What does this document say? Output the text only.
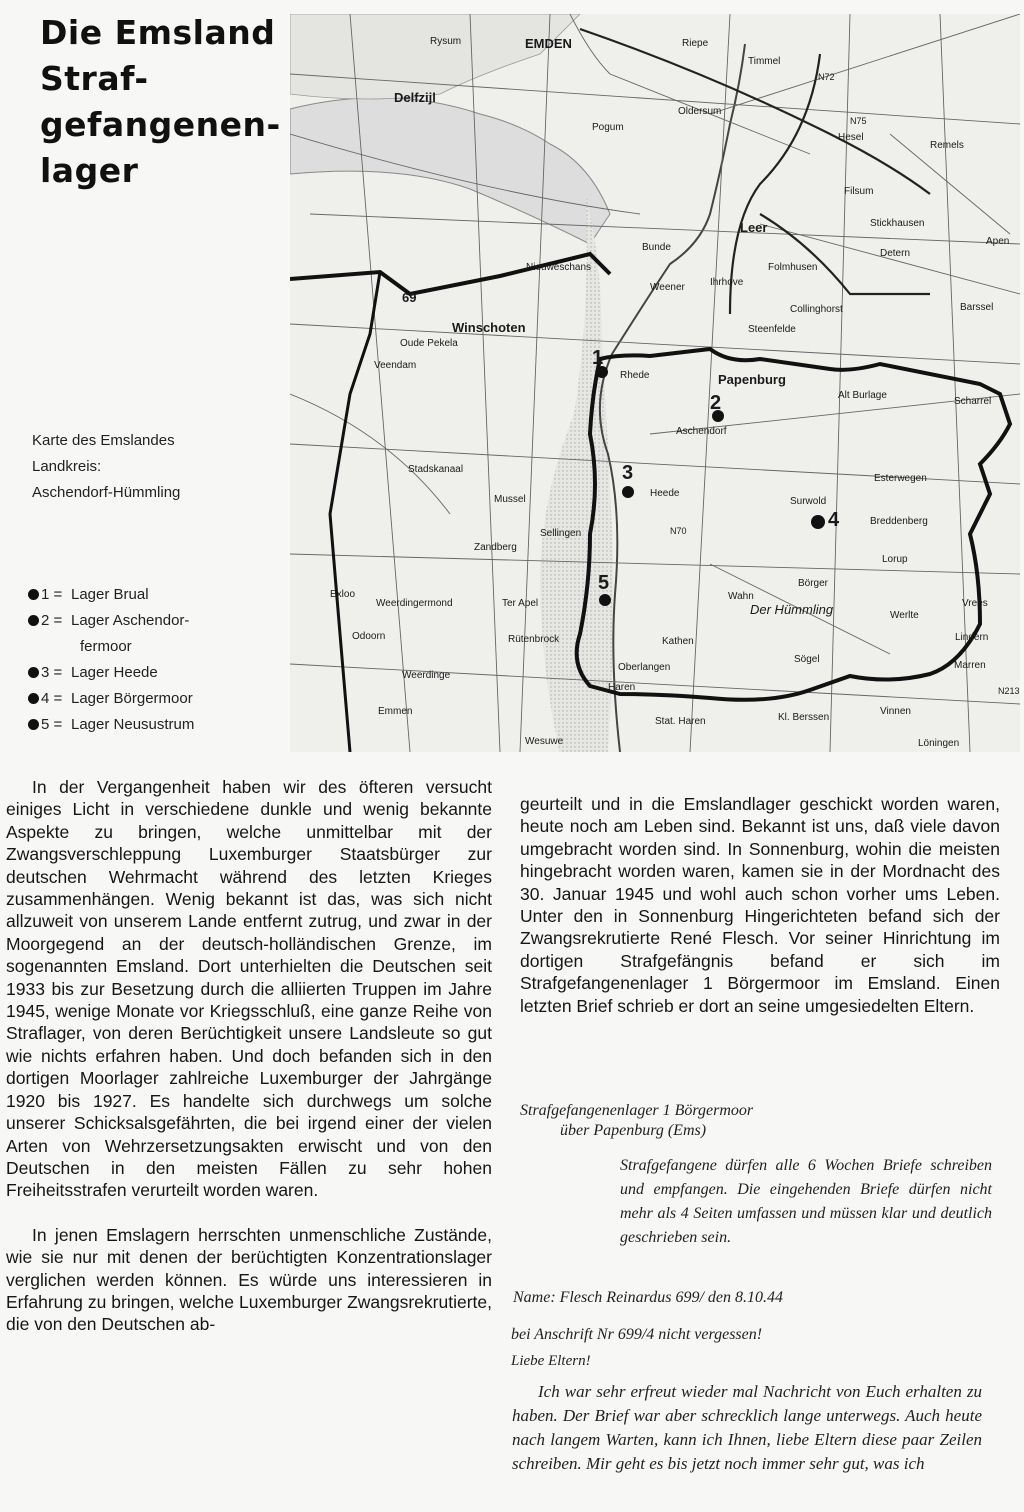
Die Emsland
Straf-
gefangenen-
lager
Karte des Emslandes
Landkreis:
Aschendorf-Hümmling
1 = Lager Brual
2 = Lager Aschendor-
fermoor
3 = Lager Heede
4 = Lager Börgermoor
5 = Lager Neusustrum
1
2
3
4
5
EMDEN
Leer
Papenburg
Delfzijl
Winschoten
Emmen
Ter Apel
Aschendorf
Heede
Surwold
Esterwegen
Sögel
Lorup
Werlte
Vrees
Lindern
Rhede
Bunde
Weener	Ihrhove
Rysum
Pogum
Oldersum
Riepe
Timmel
Hesel
Remels
Filsum
Detern
Stickhausen
Apen
Folmhusen
Collinghorst	Barssel
Steenfelde
Alt Burlage
Scharrel
Breddenberg
Börger
Wahn
Kathen
Oberlangen
Haren
Stat. Haren
Wesuwe
Kl. Berssen
Vinnen
Marren
Löningen
Nieuweschans
Oude Pekela
Veendam
Stadskanaal
Mussel
Sellingen
Zandberg
Exloo
Odoorn
Weerdinge
Weerdingermond
Rütenbrock
N72
N75
N70
N213
69
Der Hümmling

In der Vergangenheit haben wir des öfteren versucht einiges Licht in verschiedene dunkle und wenig bekannte Aspekte zu bringen, welche unmittelbar mit der Zwangsverschleppung Luxemburger Staatsbürger zur deutschen Wehrmacht während des letzten Krieges zusammenhängen. Wenig bekannt ist das, was sich nicht allzuweit von unserem Lande entfernt zutrug, und zwar in der Moorgegend an der deutsch-holländischen Grenze, im sogenannten Emsland. Dort unterhielten die Deutschen seit 1933 bis zur Besetzung durch die alliierten Truppen im Jahre 1945, wenige Monate vor Kriegsschluß, eine ganze Reihe von Straflager, von deren Berüchtigkeit unsere Landsleute so gut wie nichts erfahren haben. Und doch befanden sich in den dortigen Moorlager zahlreiche Luxemburger der Jahrgänge 1920 bis 1927. Es handelte sich durchwegs um solche unserer Schicksalsgefährten, die bei irgend einer der vielen Arten von Wehrzersetzungsakten erwischt und von den Deutschen in den meisten Fällen zu sehr hohen Freiheitsstrafen verurteilt worden waren.

In jenen Emslagern herrschten unmenschliche Zustände, wie sie nur mit denen der berüchtigten Konzentrationslager verglichen werden können. Es würde uns interessieren in Erfahrung zu bringen, welche Luxemburger Zwangsrekrutierte, die von den Deutschen ab-

geurteilt und in die Emslandlager geschickt worden waren, heute noch am Leben sind. Bekannt ist uns, daß viele davon umgebracht worden sind. In Sonnenburg, wohin die meisten hingebracht worden waren, kamen sie in der Mordnacht des 30. Januar 1945 und wohl auch schon vorher ums Leben. Unter den in Sonnenburg Hingerichteten befand sich der Zwangsrekrutierte René Flesch. Vor seiner Hinrichtung im dortigen Strafgefängnis befand er sich im Strafgefangenenlager 1 Börgermoor im Emsland. Einen letzten Brief schrieb er dort an seine umgesiedelten Eltern.

Strafgefangenenlager 1 Börgermoor
über Papenburg (Ems)
Strafgefangene dürfen alle 6 Wochen Briefe schreiben und empfangen. Die eingehenden Briefe dürfen nicht mehr als 4 Seiten umfassen und müssen klar und deutlich geschrieben sein.
Name: Flesch Reinardus 699/ den 8.10.44
bei Anschrift Nr 699/4 nicht vergessen!
Liebe Eltern!
Ich war sehr erfreut wieder mal Nachricht von Euch erhalten zu haben. Der Brief war aber schrecklich lange unterwegs. Auch heute nach langem Warten, kann ich Ihnen, liebe Eltern diese paar Zeilen schreiben. Mir geht es bis jetzt noch immer sehr gut, was ich
